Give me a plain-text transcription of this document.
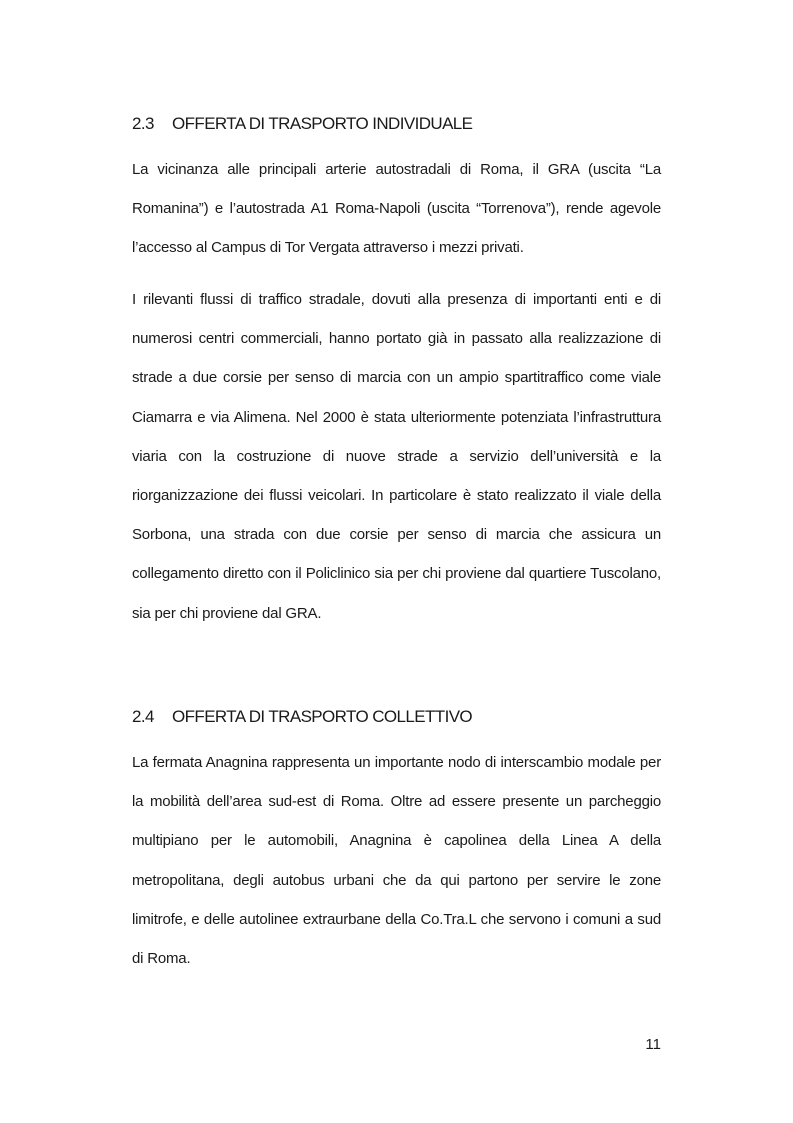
2.3 OFFERTA DI TRASPORTO INDIVIDUALE

La vicinanza alle principali arterie autostradali di Roma, il GRA (uscita “La Romanina”) e l’autostrada A1 Roma-Napoli (uscita “Torrenova”), rende agevole l’accesso al Campus di Tor Vergata attraverso i mezzi privati.

I rilevanti flussi di traffico stradale, dovuti alla presenza di importanti enti e di numerosi centri commerciali, hanno portato già in passato alla realizzazione di strade a due corsie per senso di marcia con un ampio spartitraffico come viale Ciamarra e via Alimena. Nel 2000 è stata ulteriormente potenziata l’infrastruttura viaria con la costruzione di nuove strade a servizio dell’università e la riorganizzazione dei flussi veicolari. In particolare è stato realizzato il viale della Sorbona, una strada con due corsie per senso di marcia che assicura un collegamento diretto con il Policlinico sia per chi proviene dal quartiere Tuscolano, sia per chi proviene dal GRA.

2.4 OFFERTA DI TRASPORTO COLLETTIVO

La fermata Anagnina rappresenta un importante nodo di interscambio modale per la mobilità dell’area sud-est di Roma. Oltre ad essere presente un parcheggio multipiano per le automobili, Anagnina è capolinea della Linea A della metropolitana, degli autobus urbani che da qui partono per servire le zone limitrofe, e delle autolinee extraurbane della Co.Tra.L che servono i comuni a sud di Roma.

11
